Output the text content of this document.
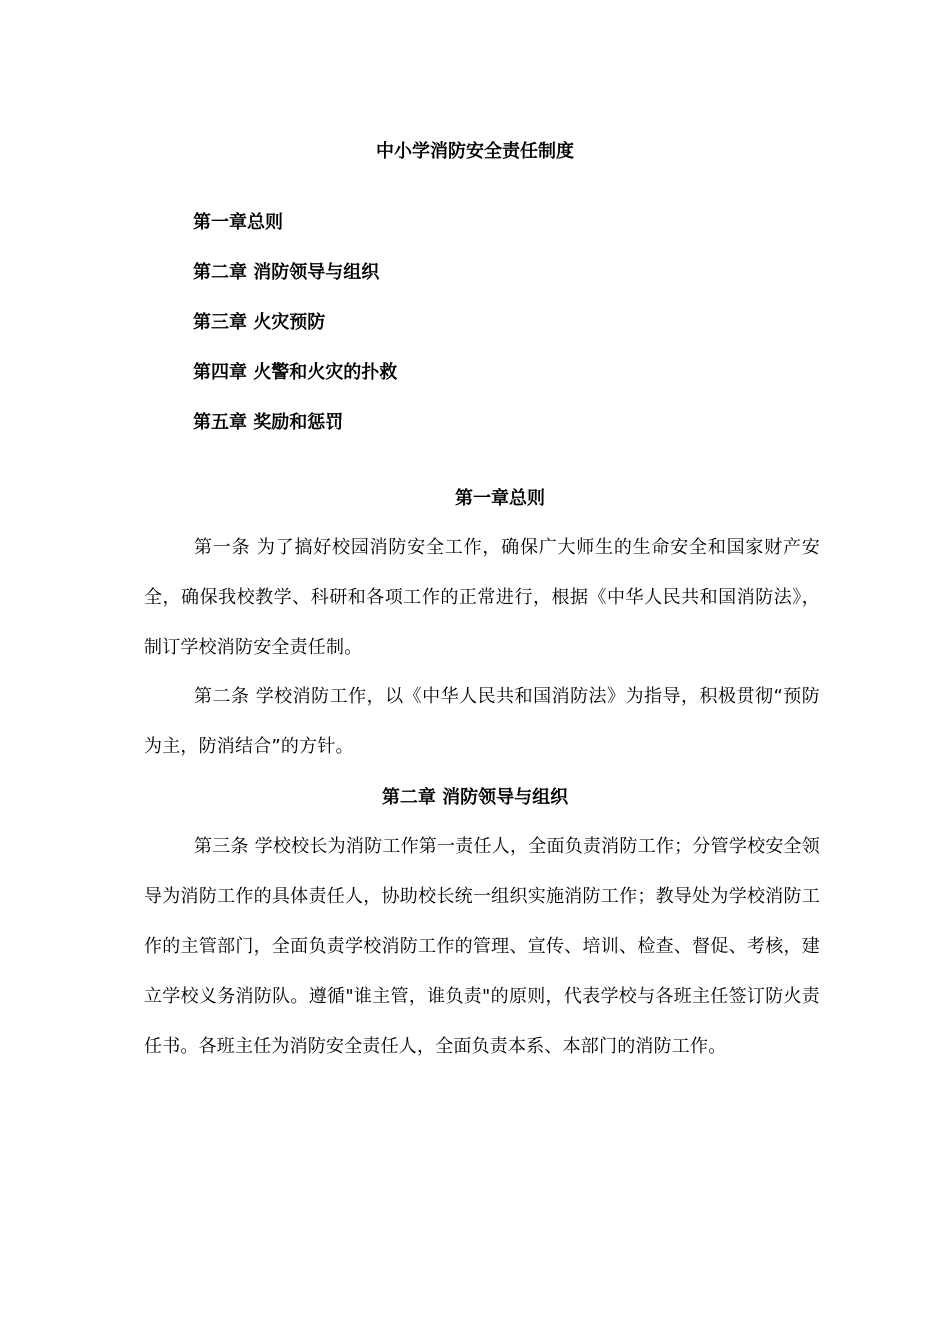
中小学消防安全责任制度
第一章总则
第二章 消防领导与组织
第三章 火灾预防
第四章 火警和火灾的扑救
第五章 奖励和惩罚
第一章总则

第一条 为了搞好校园消防安全工作，确保广大师生的生命安全和国家财产安全，确保我校教学、科研和各项工作的正常进行，根据《中华人民共和国消防法》，制订学校消防安全责任制。

第二条 学校消防工作，以《中华人民共和国消防法》为指导，积极贯彻“预防为主，防消结合”的方针。

第二章 消防领导与组织

第三条 学校校长为消防工作第一责任人，全面负责消防工作；分管学校安全领导为消防工作的具体责任人，协助校长统一组织实施消防工作；教导处为学校消防工作的主管部门，全面负责学校消防工作的管理、宣传、培训、检查、督促、考核，建立学校义务消防队。遵循"谁主管，谁负责"的原则，代表学校与各班主任签订防火责任书。各班主任为消防安全责任人，全面负责本系、本部门的消防工作。
